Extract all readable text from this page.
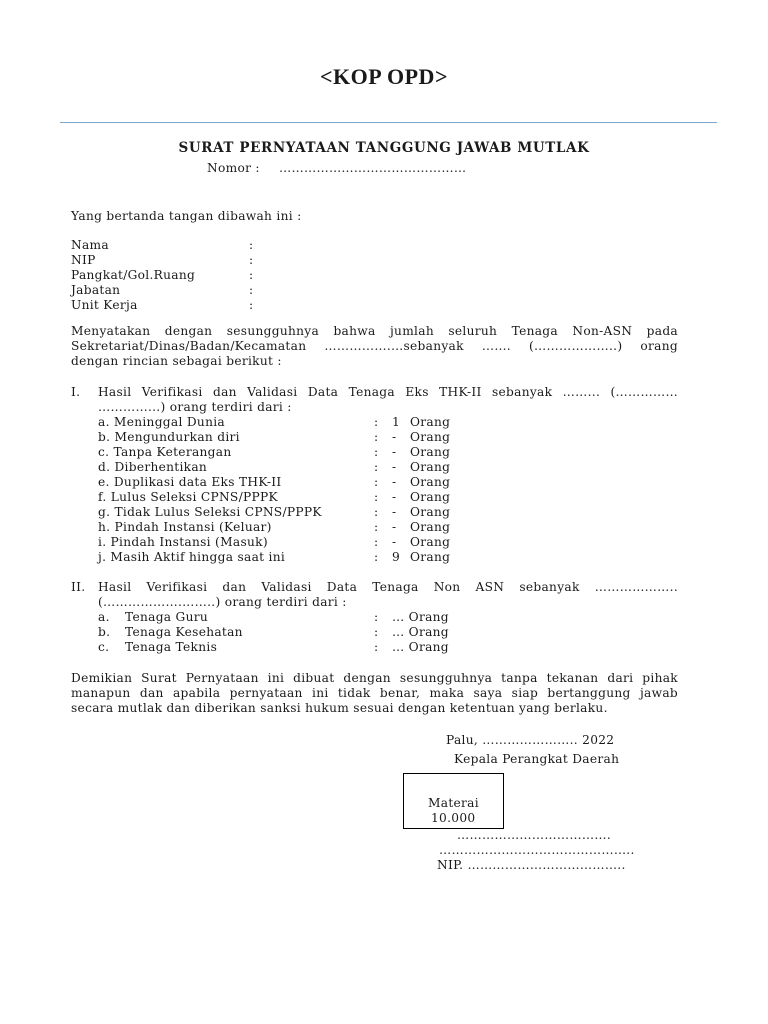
<KOP OPD>
SURAT PERNYATAAN TANGGUNG JAWAB MUTLAK
Nomor : ………………………………………
Yang bertanda tangan dibawah ini :
Nama	:
NIP	:
Pangkat/Gol.Ruang	:
Jabatan	:
Unit Kerja	:
Menyatakan dengan sesungguhnya bahwa jumlah seluruh Tenaga Non-ASN pada
Sekretariat/Dinas/Badan/Kecamatan …………….…sebanyak ……. (………………..) orang
dengan rincian sebagai berikut :
I. Hasil Verifikasi dan Validasi Data Tenaga Eks THK-II sebanyak ……... (……………
…………...) orang terdiri dari :
a. Meninggal Dunia	: 1 Orang
b. Mengundurkan diri	: - Orang
c. Tanpa Keterangan	: - Orang
d. Diberhentikan	: - Orang
e. Duplikasi data Eks THK-II	: - Orang
f. Lulus Seleksi CPNS/PPPK	: - Orang
g. Tidak Lulus Seleksi CPNS/PPPK	: - Orang
h. Pindah Instansi (Keluar)	: - Orang
i. Pindah Instansi (Masuk)	: - Orang
j. Masih Aktif hingga saat ini	: 9 Orang
II. Hasil Verifikasi dan Validasi Data Tenaga Non ASN sebanyak ………………..
(……………….……..) orang terdiri dari :
a. Tenaga Guru	: … Orang
b. Tenaga Kesehatan	: … Orang
c. Tenaga Teknis	: … Orang
Demikian Surat Pernyataan ini dibuat dengan sesungguhnya tanpa tekanan dari pihak
manapun dan apabila pernyataan ini tidak benar, maka saya siap bertanggung jawab
secara mutlak dan diberikan sanksi hukum sesuai dengan ketentuan yang berlaku.
Palu, ………………….. 2022
Kepala Perangkat Daerah
Materai
10.000
……………………………….
………………………………………..
NIP. ………………………………..
